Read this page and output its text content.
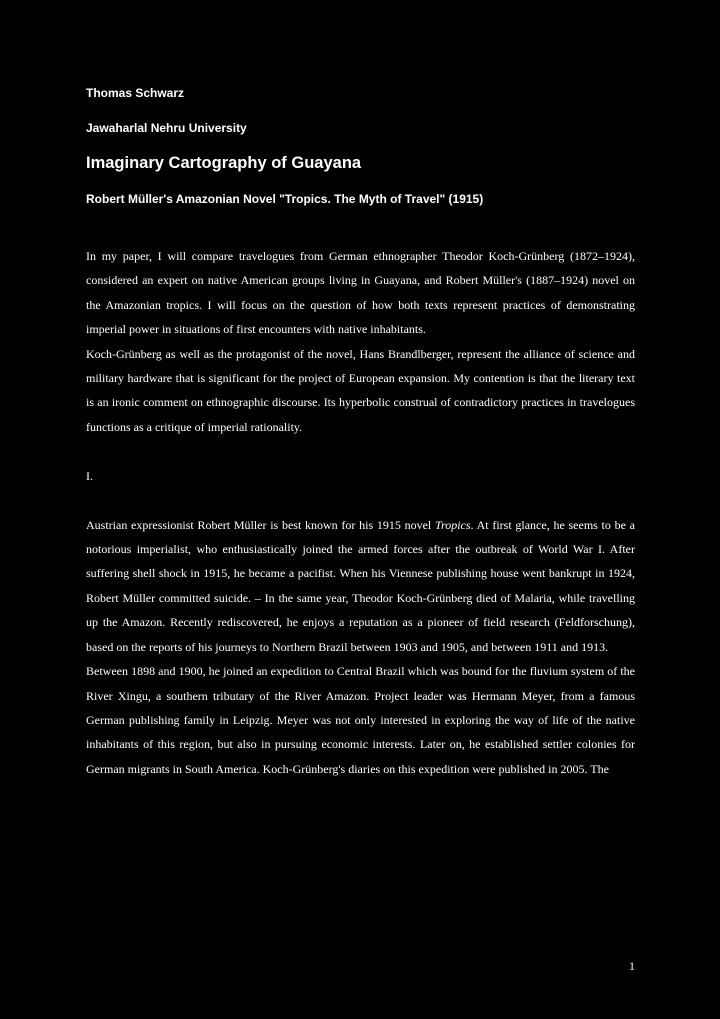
Thomas Schwarz

Jawaharlal Nehru University

Imaginary Cartography of Guayana
Robert Müller's Amazonian Novel "Tropics. The Myth of Travel" (1915)

In my paper, I will compare travelogues from German ethnographer Theodor Koch-Grünberg (1872–1924), considered an expert on native American groups living in Guayana, and Robert Müller's (1887–1924) novel on the Amazonian tropics. I will focus on the question of how both texts represent practices of demonstrating imperial power in situations of first encounters with native inhabitants.

Koch-Grünberg as well as the protagonist of the novel, Hans Brandlberger, represent the alliance of science and military hardware that is significant for the project of European expansion. My contention is that the literary text is an ironic comment on ethnographic discourse. Its hyperbolic construal of contradictory practices in travelogues functions as a critique of imperial rationality.

I.

Austrian expressionist Robert Müller is best known for his 1915 novel Tropics. At first glance, he seems to be a notorious imperialist, who enthusiastically joined the armed forces after the outbreak of World War I. After suffering shell shock in 1915, he became a pacifist. When his Viennese publishing house went bankrupt in 1924, Robert Müller committed suicide. – In the same year, Theodor Koch-Grünberg died of Malaria, while travelling up the Amazon. Recently rediscovered, he enjoys a reputation as a pioneer of field research (Feldforschung), based on the reports of his journeys to Northern Brazil between 1903 and 1905, and between 1911 and 1913.

Between 1898 and 1900, he joined an expedition to Central Brazil which was bound for the fluvium system of the River Xingu, a southern tributary of the River Amazon. Project leader was Hermann Meyer, from a famous German publishing family in Leipzig. Meyer was not only interested in exploring the way of life of the native inhabitants of this region, but also in pursuing economic interests. Later on, he established settler colonies for German migrants in South America. Koch-Grünberg's diaries on this expedition were published in 2005. The

1
